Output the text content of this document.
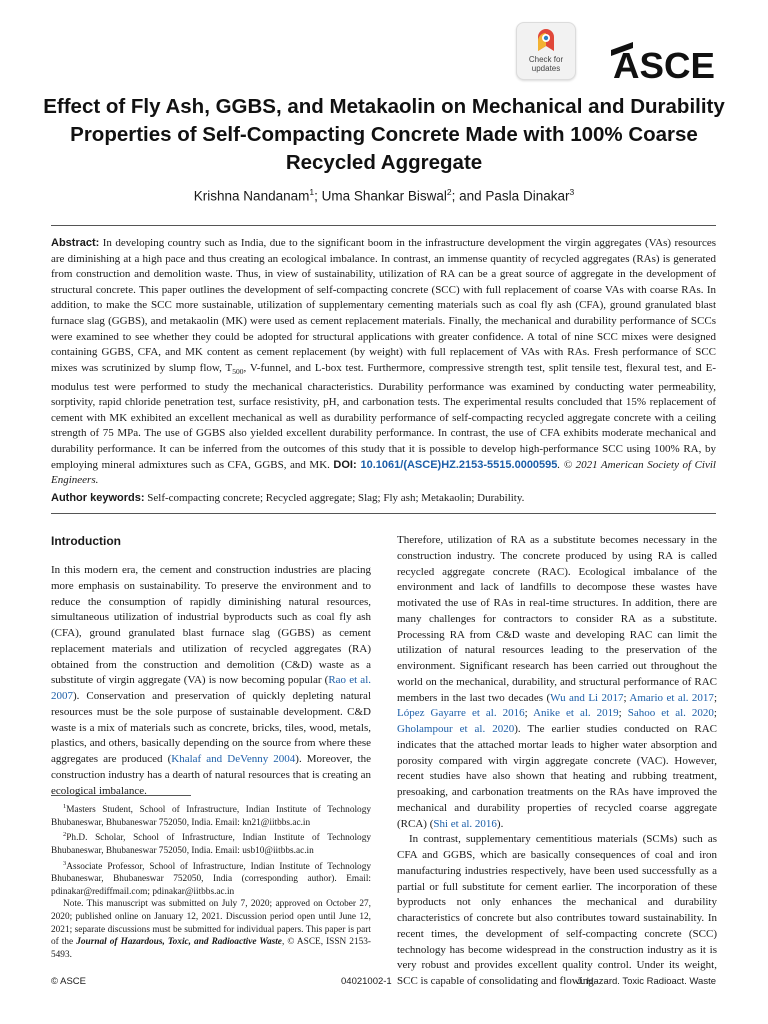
Check for
updates	ASCE
Effect of Fly Ash, GGBS, and Metakaolin on Mechanical and Durability Properties of Self-Compacting Concrete Made with 100% Coarse Recycled Aggregate
Krishna Nandanam$^1$; Uma Shankar Biswal$^2$; and Pasla Dinakar$^3$
Abstract: In developing country such as India, due to the significant boom in the infrastructure development the virgin aggregates (VAs) resources are diminishing at a high pace and thus creating an ecological imbalance. In contrast, an immense quantity of recycled aggregates (RAs) is generated from construction and demolition waste. Thus, in view of sustainability, utilization of RA can be a great source of aggregate in the development of structural concrete. This paper outlines the development of self-compacting concrete (SCC) with full replacement of coarse VAs with coarse RAs. In addition, to make the SCC more sustainable, utilization of supplementary cementing materials such as coal fly ash (CFA), ground granulated blast furnace slag (GGBS), and metakaolin (MK) were used as cement replacement materials. Finally, the mechanical and durability performance of SCCs were examined to see whether they could be adopted for structural applications with greater confidence. A total of nine SCC mixes were designed containing GGBS, CFA, and MK content as cement replacement (by weight) with full replacement of VAs with RAs. Fresh performance of SCC mixes was scrutinized by slump flow, $T_{500}$, V-funnel, and L-box test. Furthermore, compressive strength test, split tensile test, flexural test, and E-modulus test were performed to study the mechanical characteristics. Durability performance was examined by conducting water permeability, sorptivity, rapid chloride penetration test, surface resistivity, pH, and carbonation tests. The experimental results concluded that 15% replacement of cement with MK exhibited an excellent mechanical as well as durability performance of self-compacting recycled aggregate concrete with a ceiling strength of 75 MPa. The use of GGBS also yielded excellent durability performance. In contrast, the use of CFA exhibits moderate mechanical and durability performance. It can be inferred from the outcomes of this study that it is possible to develop high-performance SCC using 100% RA, by employing mineral admixtures such as CFA, GGBS, and MK. DOI: 10.1061/(ASCE)HZ.2153-5515.0000595. © 2021 American Society of Civil Engineers.
Author keywords: Self-compacting concrete; Recycled aggregate; Slag; Fly ash; Metakaolin; Durability.
Introduction

In this modern era, the cement and construction industries are placing more emphasis on sustainability. To preserve the environment and to reduce the consumption of rapidly diminishing natural resources, simultaneous utilization of industrial byproducts such as coal fly ash (CFA), ground granulated blast furnace slag (GGBS) as cement replacement materials and utilization of recycled aggregates (RA) obtained from the construction and demolition (C&D) waste as a substitute of virgin aggregate (VA) is now becoming popular (Rao et al. 2007). Conservation and preservation of quickly depleting natural resources must be the sole purpose of sustainable development. C&D waste is a mix of materials such as concrete, bricks, tiles, wood, metals, plastics, and others, basically depending on the source from where these aggregates are produced (Khalaf and DeVenny 2004). Moreover, the construction industry has a dearth of natural resources that is creating an ecological imbalance.

Therefore, utilization of RA as a substitute becomes necessary in the construction industry. The concrete produced by using RA is called recycled aggregate concrete (RAC). Ecological imbalance of the environment and lack of landfills to decompose these wastes have motivated the use of RAs in real-time structures. In addition, there are many challenges for contractors to consider RA as a substitute. Processing RA from C&D waste and developing RAC can limit the utilization of natural resources leading to the preservation of the environment. Significant research has been carried out throughout the world on the mechanical, durability, and structural performance of RAC members in the last two decades (Wu and Li 2017; Amario et al. 2017; López Gayarre et al. 2016; Anike et al. 2019; Sahoo et al. 2020; Gholampour et al. 2020). The earlier studies conducted on RAC indicates that the attached mortar leads to higher water absorption and porosity compared with virgin aggregate concrete (VAC). However, recent studies have also shown that heating and rubbing treatment, presoaking, and carbonation treatments on the RAs have improved the mechanical and durability properties of recycled coarse aggregate (RCA) (Shi et al. 2016).

In contrast, supplementary cementitious materials (SCMs) such as CFA and GGBS, which are basically consequences of coal and iron manufacturing industries respectively, have been used successfully as a partial or full substitute for cement earlier. The incorporation of these byproducts not only enhances the mechanical and durability characteristics of concrete but also contributes toward sustainability. In recent times, the development of self-compacting concrete (SCC) technology has become widespread in the construction industry as it is very robust and provides excellent quality control. Under its weight, SCC is capable of consolidating and flowing

$^1$Masters Student, School of Infrastructure, Indian Institute of Technology Bhubaneswar, Bhubaneswar 752050, India. Email: kn21@iitbbs.ac.in

$^2$Ph.D. Scholar, School of Infrastructure, Indian Institute of Technology Bhubaneswar, Bhubaneswar 752050, India. Email: usb10@iitbbs.ac.in

$^3$Associate Professor, School of Infrastructure, Indian Institute of Technology Bhubaneswar, Bhubaneswar 752050, India (corresponding author). Email: pdinakar@rediffmail.com; pdinakar@iitbbs.ac.in

Note. This manuscript was submitted on July 7, 2020; approved on October 27, 2020; published online on January 12, 2021. Discussion period open until June 12, 2021; separate discussions must be submitted for individual papers. This paper is part of the Journal of Hazardous, Toxic, and Radioactive Waste, © ASCE, ISSN 2153-5493.

© ASCE	04021002-1	J. Hazard. Toxic Radioact. Waste
